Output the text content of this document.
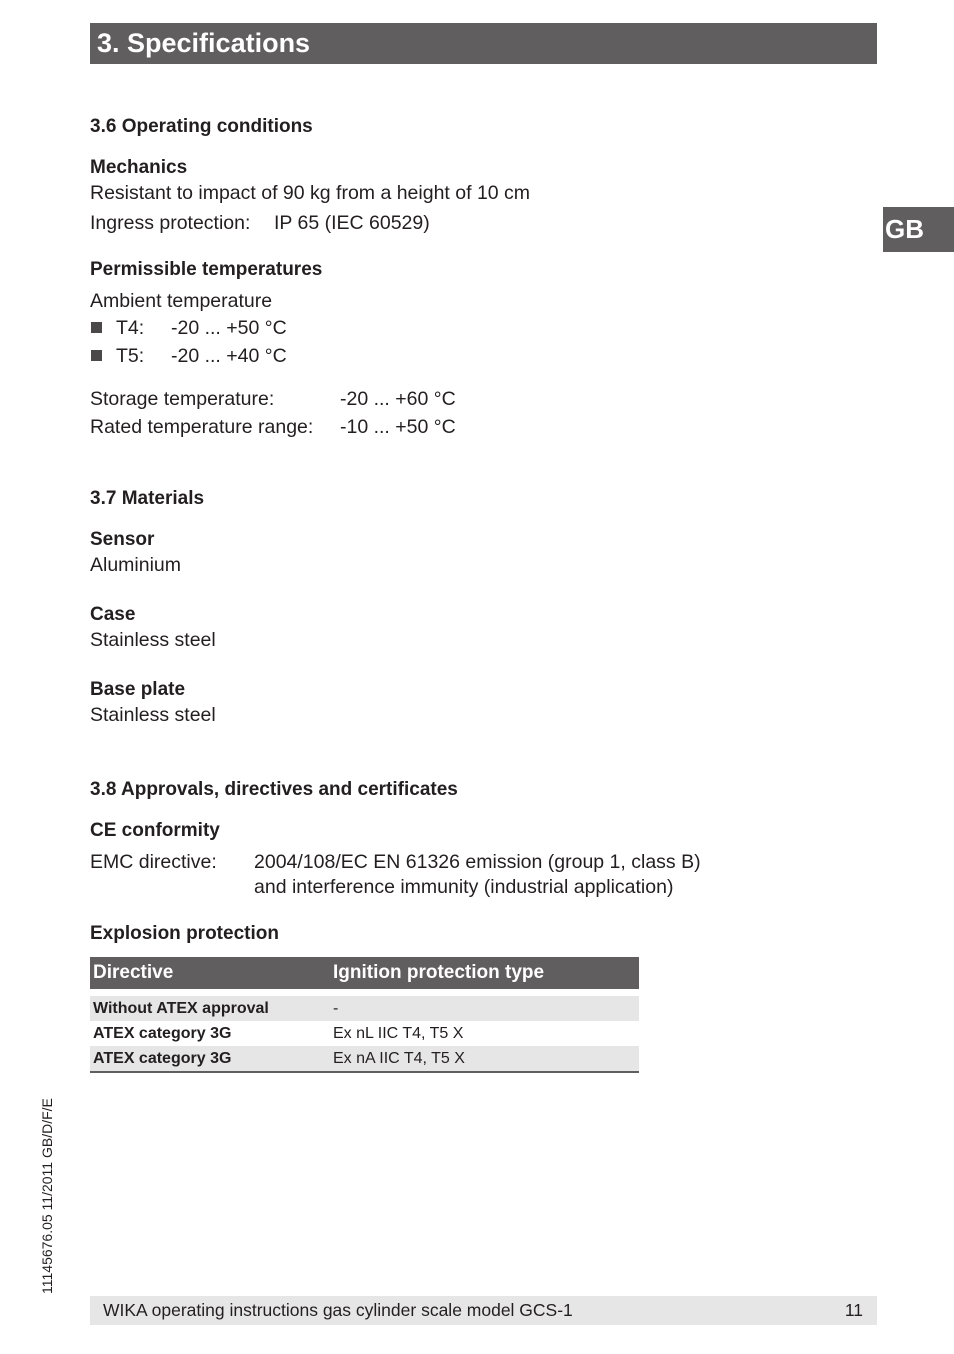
3. Specifications
GB
3.6 Operating conditions
Mechanics
Resistant to impact of 90 kg from a height of 10 cm
Ingress protection: IP 65 (IEC 60529)
Permissible temperatures
Ambient temperature
T4: -20 ... +50 °C
T5: -20 ... +40 °C
Storage temperature:	-20 ... +60 °C
Rated temperature range: -10 ... +50 °C
3.7 Materials
Sensor
Aluminium
Case
Stainless steel
Base plate
Stainless steel
3.8 Approvals, directives and certificates
CE conformity
EMC directive: 2004/108/EC EN 61326 emission (group 1, class B)
and interference immunity (industrial application)
Explosion protection
Directive	Ignition protection type
Without ATEX approval	-
ATEX category 3G	Ex nL IIC T4, T5 X
ATEX category 3G	Ex nA IIC T4, T5 X
11145676.05 11/2011 GB/D/F/E
WIKA operating instructions gas cylinder scale model GCS-1	11
